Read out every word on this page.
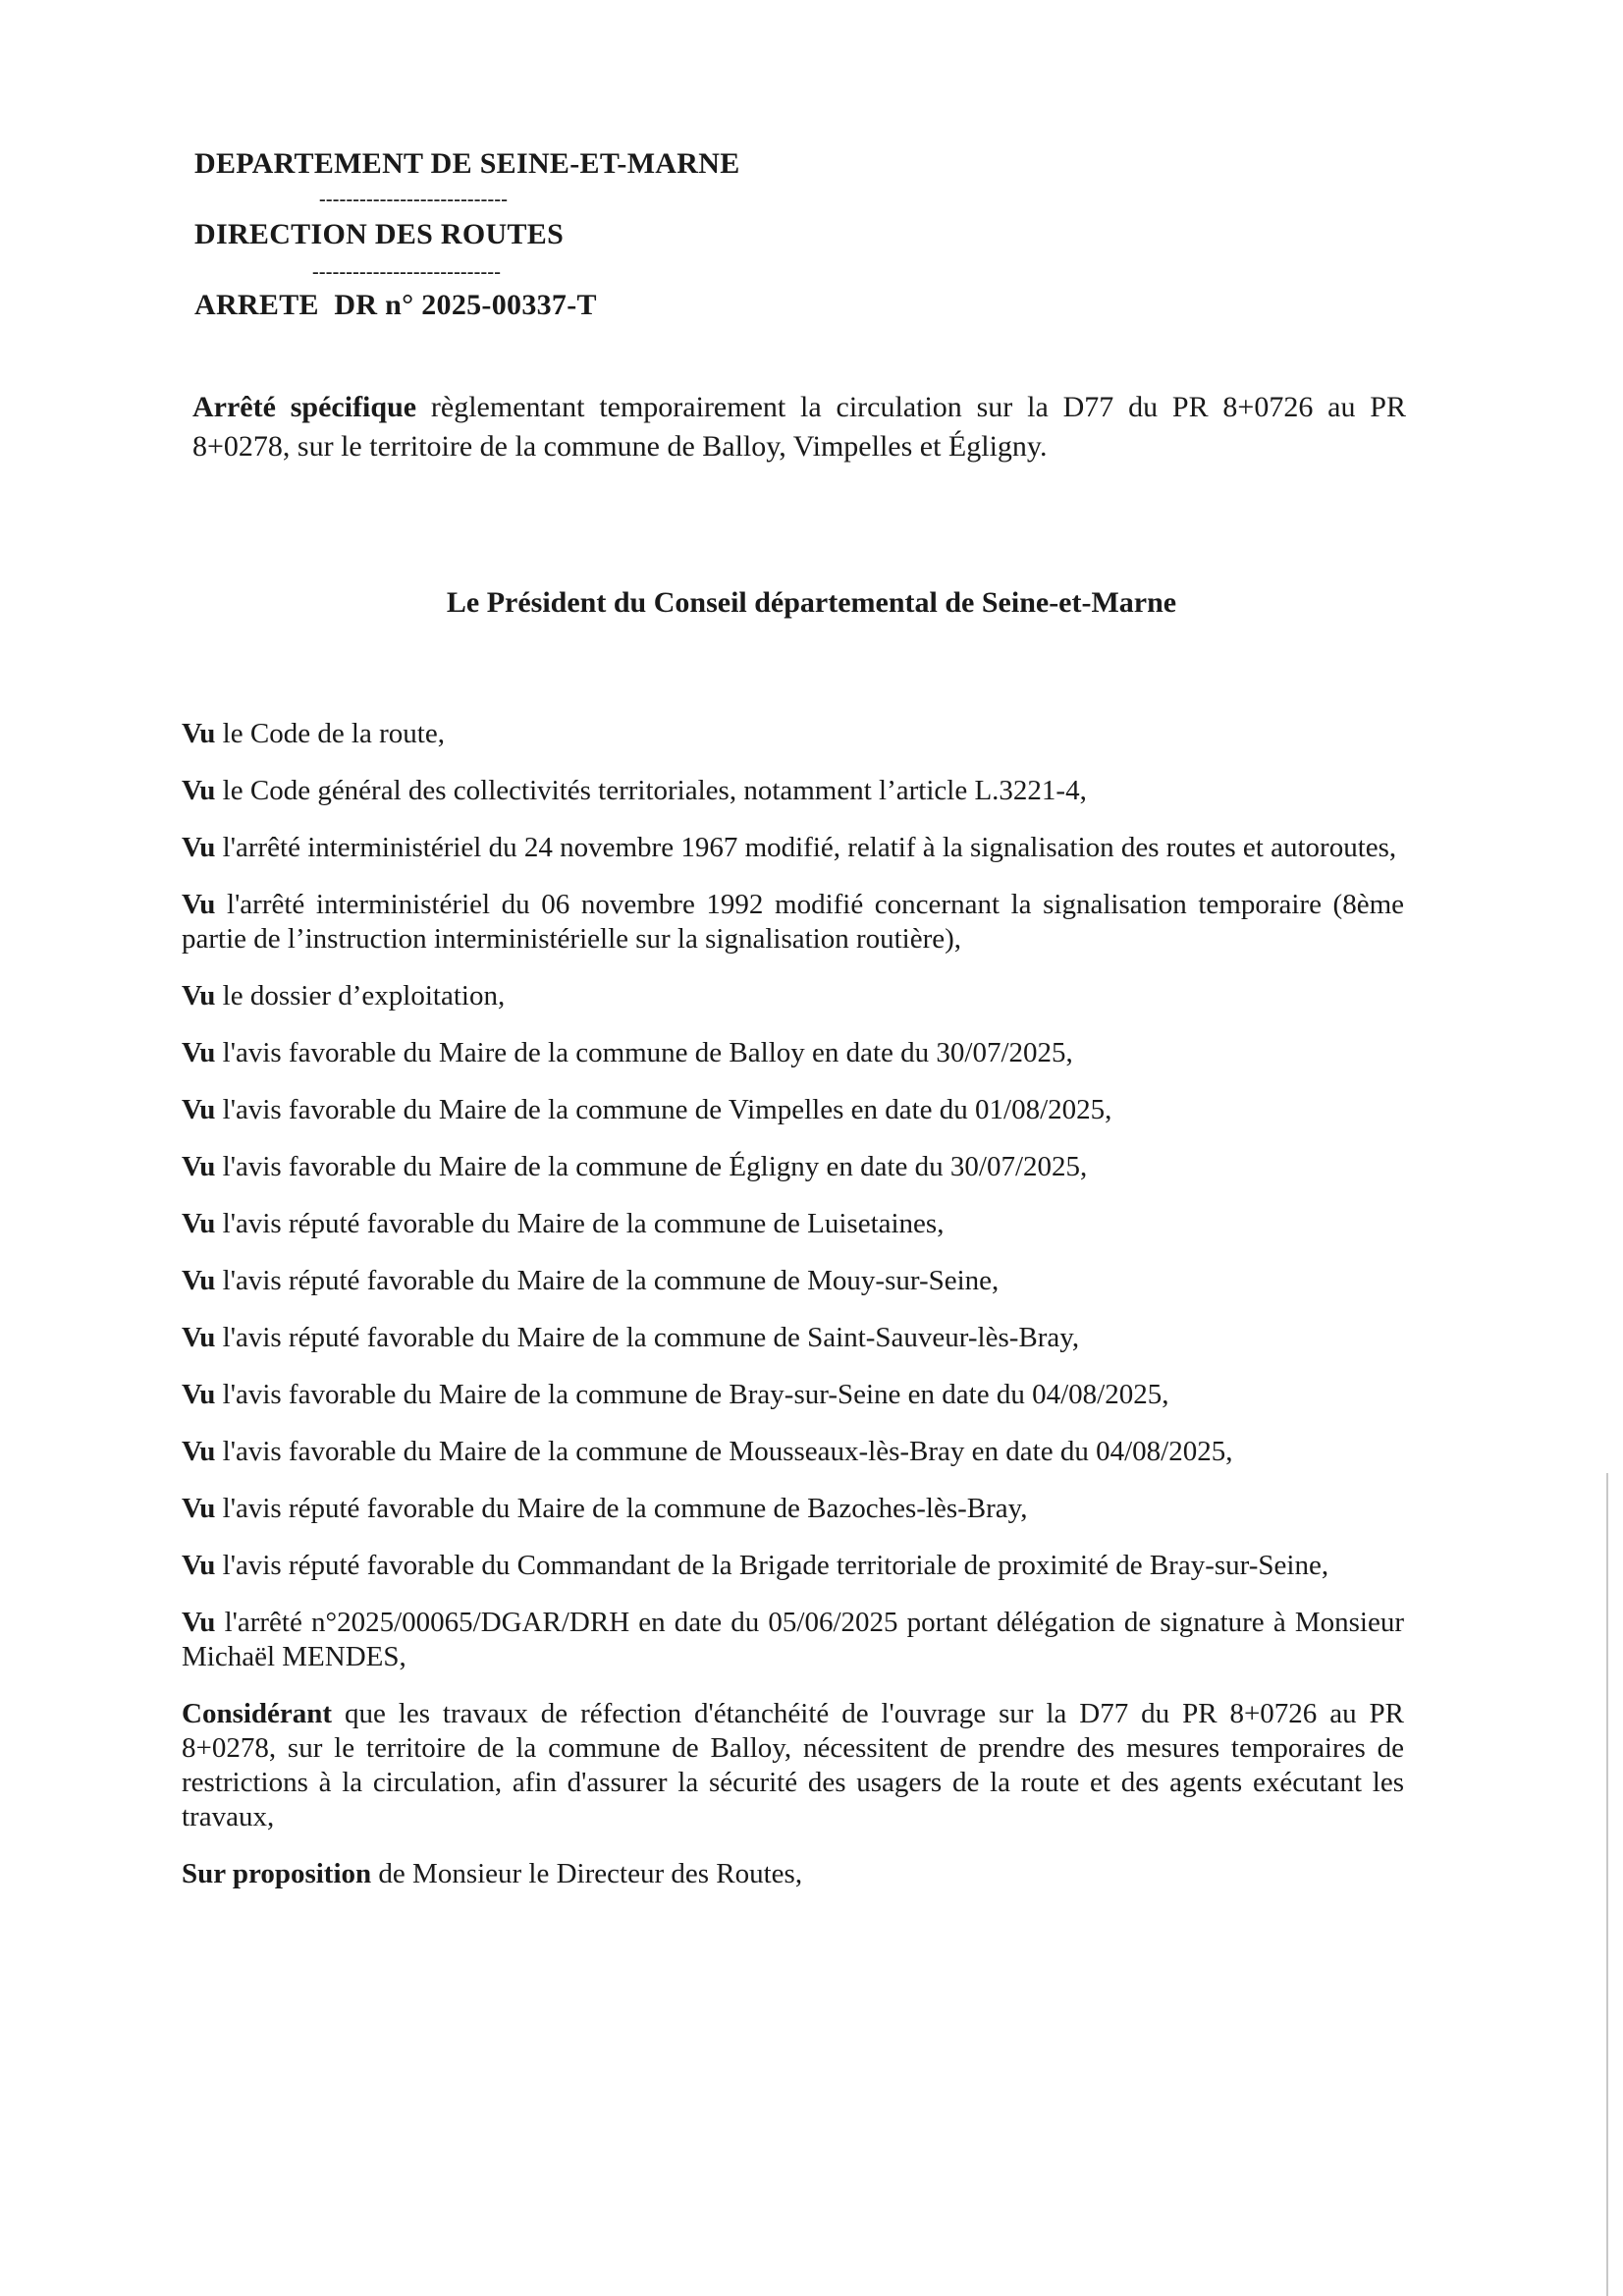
DEPARTEMENT DE SEINE-ET-MARNE
----------------------------
DIRECTION DES ROUTES
----------------------------
ARRETE  DR n° 2025-00337-T
Arrêté spécifique règlementant temporairement la circulation sur la D77 du PR 8+0726 au PR 8+0278, sur le territoire de la commune de Balloy, Vimpelles et Égligny.
Le Président du Conseil départemental de Seine-et-Marne

Vu le Code de la route,

Vu le Code général des collectivités territoriales, notamment l’article L.3221-4,

Vu l'arrêté interministériel du 24 novembre 1967 modifié, relatif à la signalisation des routes et autoroutes,

Vu l'arrêté interministériel du 06 novembre 1992 modifié concernant la signalisation temporaire (8ème partie de l’instruction interministérielle sur la signalisation routière),

Vu le dossier d’exploitation,

Vu l'avis favorable du Maire de la commune de Balloy en date du 30/07/2025,

Vu l'avis favorable du Maire de la commune de Vimpelles en date du 01/08/2025,

Vu l'avis favorable du Maire de la commune de Égligny en date du 30/07/2025,

Vu l'avis réputé favorable du Maire de la commune de Luisetaines,

Vu l'avis réputé favorable du Maire de la commune de Mouy-sur-Seine,

Vu l'avis réputé favorable du Maire de la commune de Saint-Sauveur-lès-Bray,

Vu l'avis favorable du Maire de la commune de Bray-sur-Seine en date du 04/08/2025,

Vu l'avis favorable du Maire de la commune de Mousseaux-lès-Bray en date du 04/08/2025,

Vu l'avis réputé favorable du Maire de la commune de Bazoches-lès-Bray,

Vu l'avis réputé favorable du Commandant de la Brigade territoriale de proximité de Bray-sur-Seine,

Vu l'arrêté n°2025/00065/DGAR/DRH en date du 05/06/2025 portant délégation de signature à Monsieur Michaël MENDES,

Considérant que les travaux de réfection d'étanchéité de l'ouvrage sur la D77 du PR 8+0726 au PR 8+0278, sur le territoire de la commune de Balloy, nécessitent de prendre des mesures temporaires de restrictions à la circulation, afin d'assurer la sécurité des usagers de la route et des agents exécutant les travaux,

Sur proposition de Monsieur le Directeur des Routes,
